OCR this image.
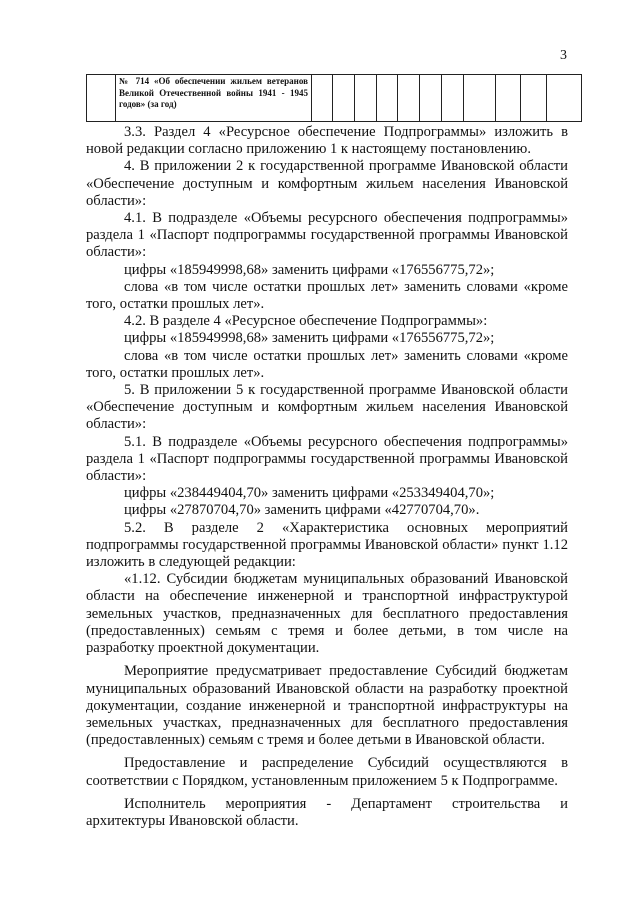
3
	№ 714 «Об обеспечении жильем ветеранов Великой Отечественной войны 1941 - 1945 годов» (за год)											

3.3. Раздел 4 «Ресурсное обеспечение Подпрограммы» изложить в новой редакции согласно приложению 1 к настоящему постановлению.

4. В приложении 2 к государственной программе Ивановской области «Обеспечение доступным и комфортным жильем населения Ивановской области»:

4.1. В подразделе «Объемы ресурсного обеспечения подпрограммы» раздела 1 «Паспорт подпрограммы государственной программы Ивановской области»:

цифры «185949998,68» заменить цифрами «176556775,72»;

слова «в том числе остатки прошлых лет» заменить словами «кроме того, остатки прошлых лет».

4.2. В разделе 4 «Ресурсное обеспечение Подпрограммы»:

цифры «185949998,68» заменить цифрами «176556775,72»;

слова «в том числе остатки прошлых лет» заменить словами «кроме того, остатки прошлых лет».

5. В приложении 5 к государственной программе Ивановской области «Обеспечение доступным и комфортным жильем населения Ивановской области»:

5.1. В подразделе «Объемы ресурсного обеспечения подпрограммы» раздела 1 «Паспорт подпрограммы государственной программы Ивановской области»:

цифры «238449404,70» заменить цифрами «253349404,70»;

цифры «27870704,70» заменить цифрами «42770704,70».

5.2. В разделе 2 «Характеристика основных мероприятий подпрограммы государственной программы Ивановской области» пункт 1.12 изложить в следующей редакции:

«1.12. Субсидии бюджетам муниципальных образований Ивановской области на обеспечение инженерной и транспортной инфраструктурой земельных участков, предназначенных для бесплатного предоставления (предоставленных) семьям с тремя и более детьми, в том числе на разработку проектной документации.

Мероприятие предусматривает предоставление Субсидий бюджетам муниципальных образований Ивановской области на разработку проектной документации, создание инженерной и транспортной инфраструктуры на земельных участках, предназначенных для бесплатного предоставления (предоставленных) семьям с тремя и более детьми в Ивановской области.

Предоставление и распределение Субсидий осуществляются в соответствии с Порядком, установленным приложением 5 к Подпрограмме.

Исполнитель мероприятия - Департамент строительства и архитектуры Ивановской области.
